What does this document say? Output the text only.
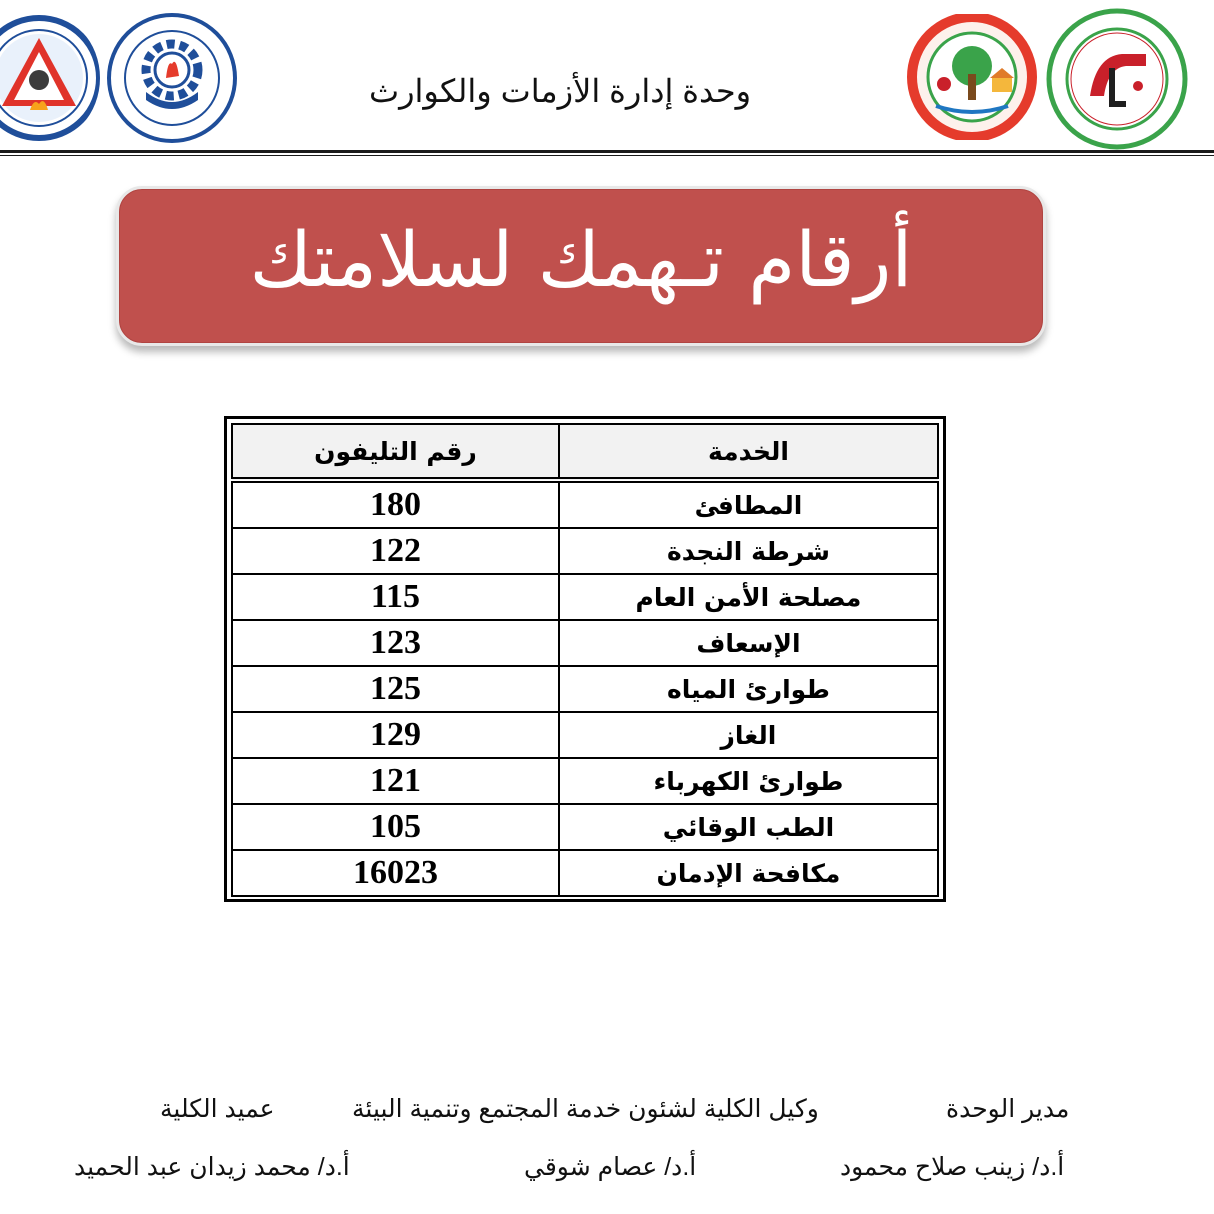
وحدة إدارة الأزمات والكوارث
أرقام تـهمك لسلامتك
الخدمة	رقم التليفون
المطافئ	180
شرطة النجدة	122
مصلحة الأمن العام	115
الإسعاف	123
طوارئ المياه	125
الغاز	129
طوارئ الكهرباء	121
الطب الوقائي	105
مكافحة الإدمان	16023
مدير الوحدة
وكيل الكلية لشئون خدمة المجتمع وتنمية البيئة
عميد الكلية
أ.د/ زينب صلاح محمود
أ.د/ عصام شوقي
أ.د/ محمد زيدان عبد الحميد
